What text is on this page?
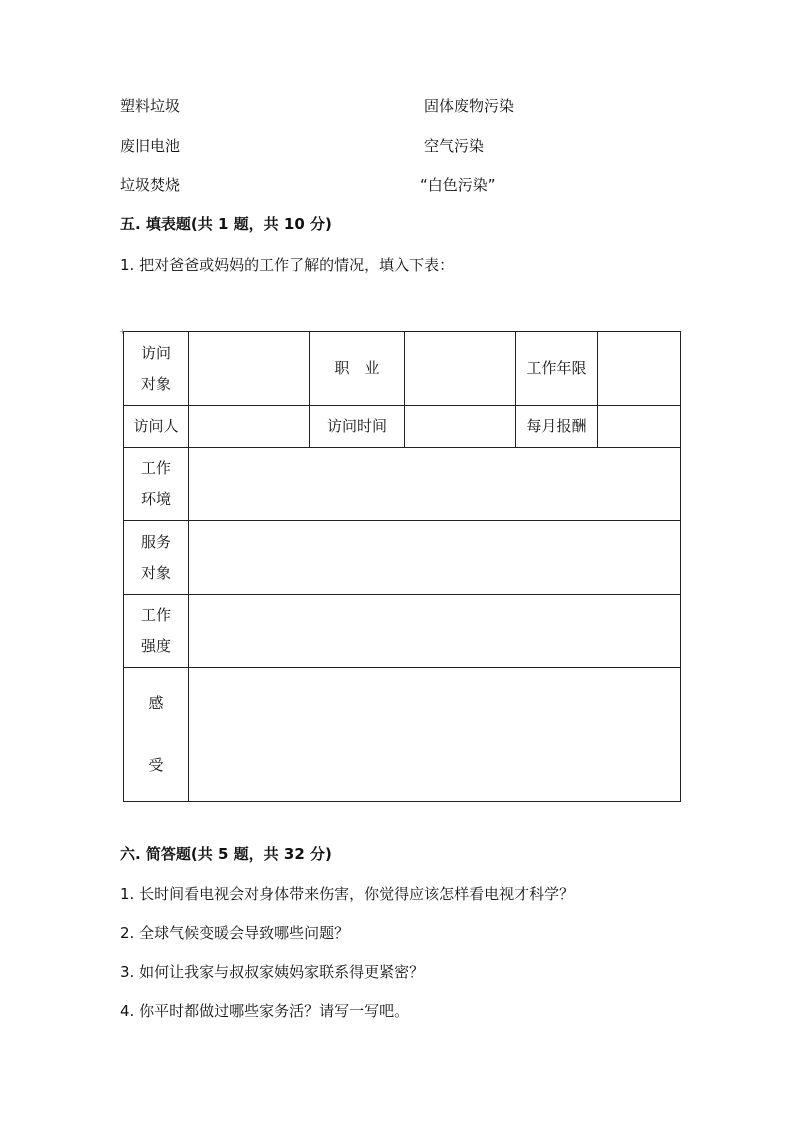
塑料垃圾	固体废物污染
废旧电池	空气污染
垃圾焚烧	“白色污染”
五. 填表题(共 1 题，共 10 分)
1. 把对爸爸或妈妈的工作了解的情况，填入下表：
+
访问
对象		职　业		工作年限	
访问人		访问时间		每月报酬	

工作
环境					

服务
对象					

工作
强度					

感
受					

六. 简答题(共 5 题，共 32 分)
1. 长时间看电视会对身体带来伤害，你觉得应该怎样看电视才科学？
2. 全球气候变暖会导致哪些问题？
3. 如何让我家与叔叔家姨妈家联系得更紧密？
4. 你平时都做过哪些家务活？请写一写吧。
